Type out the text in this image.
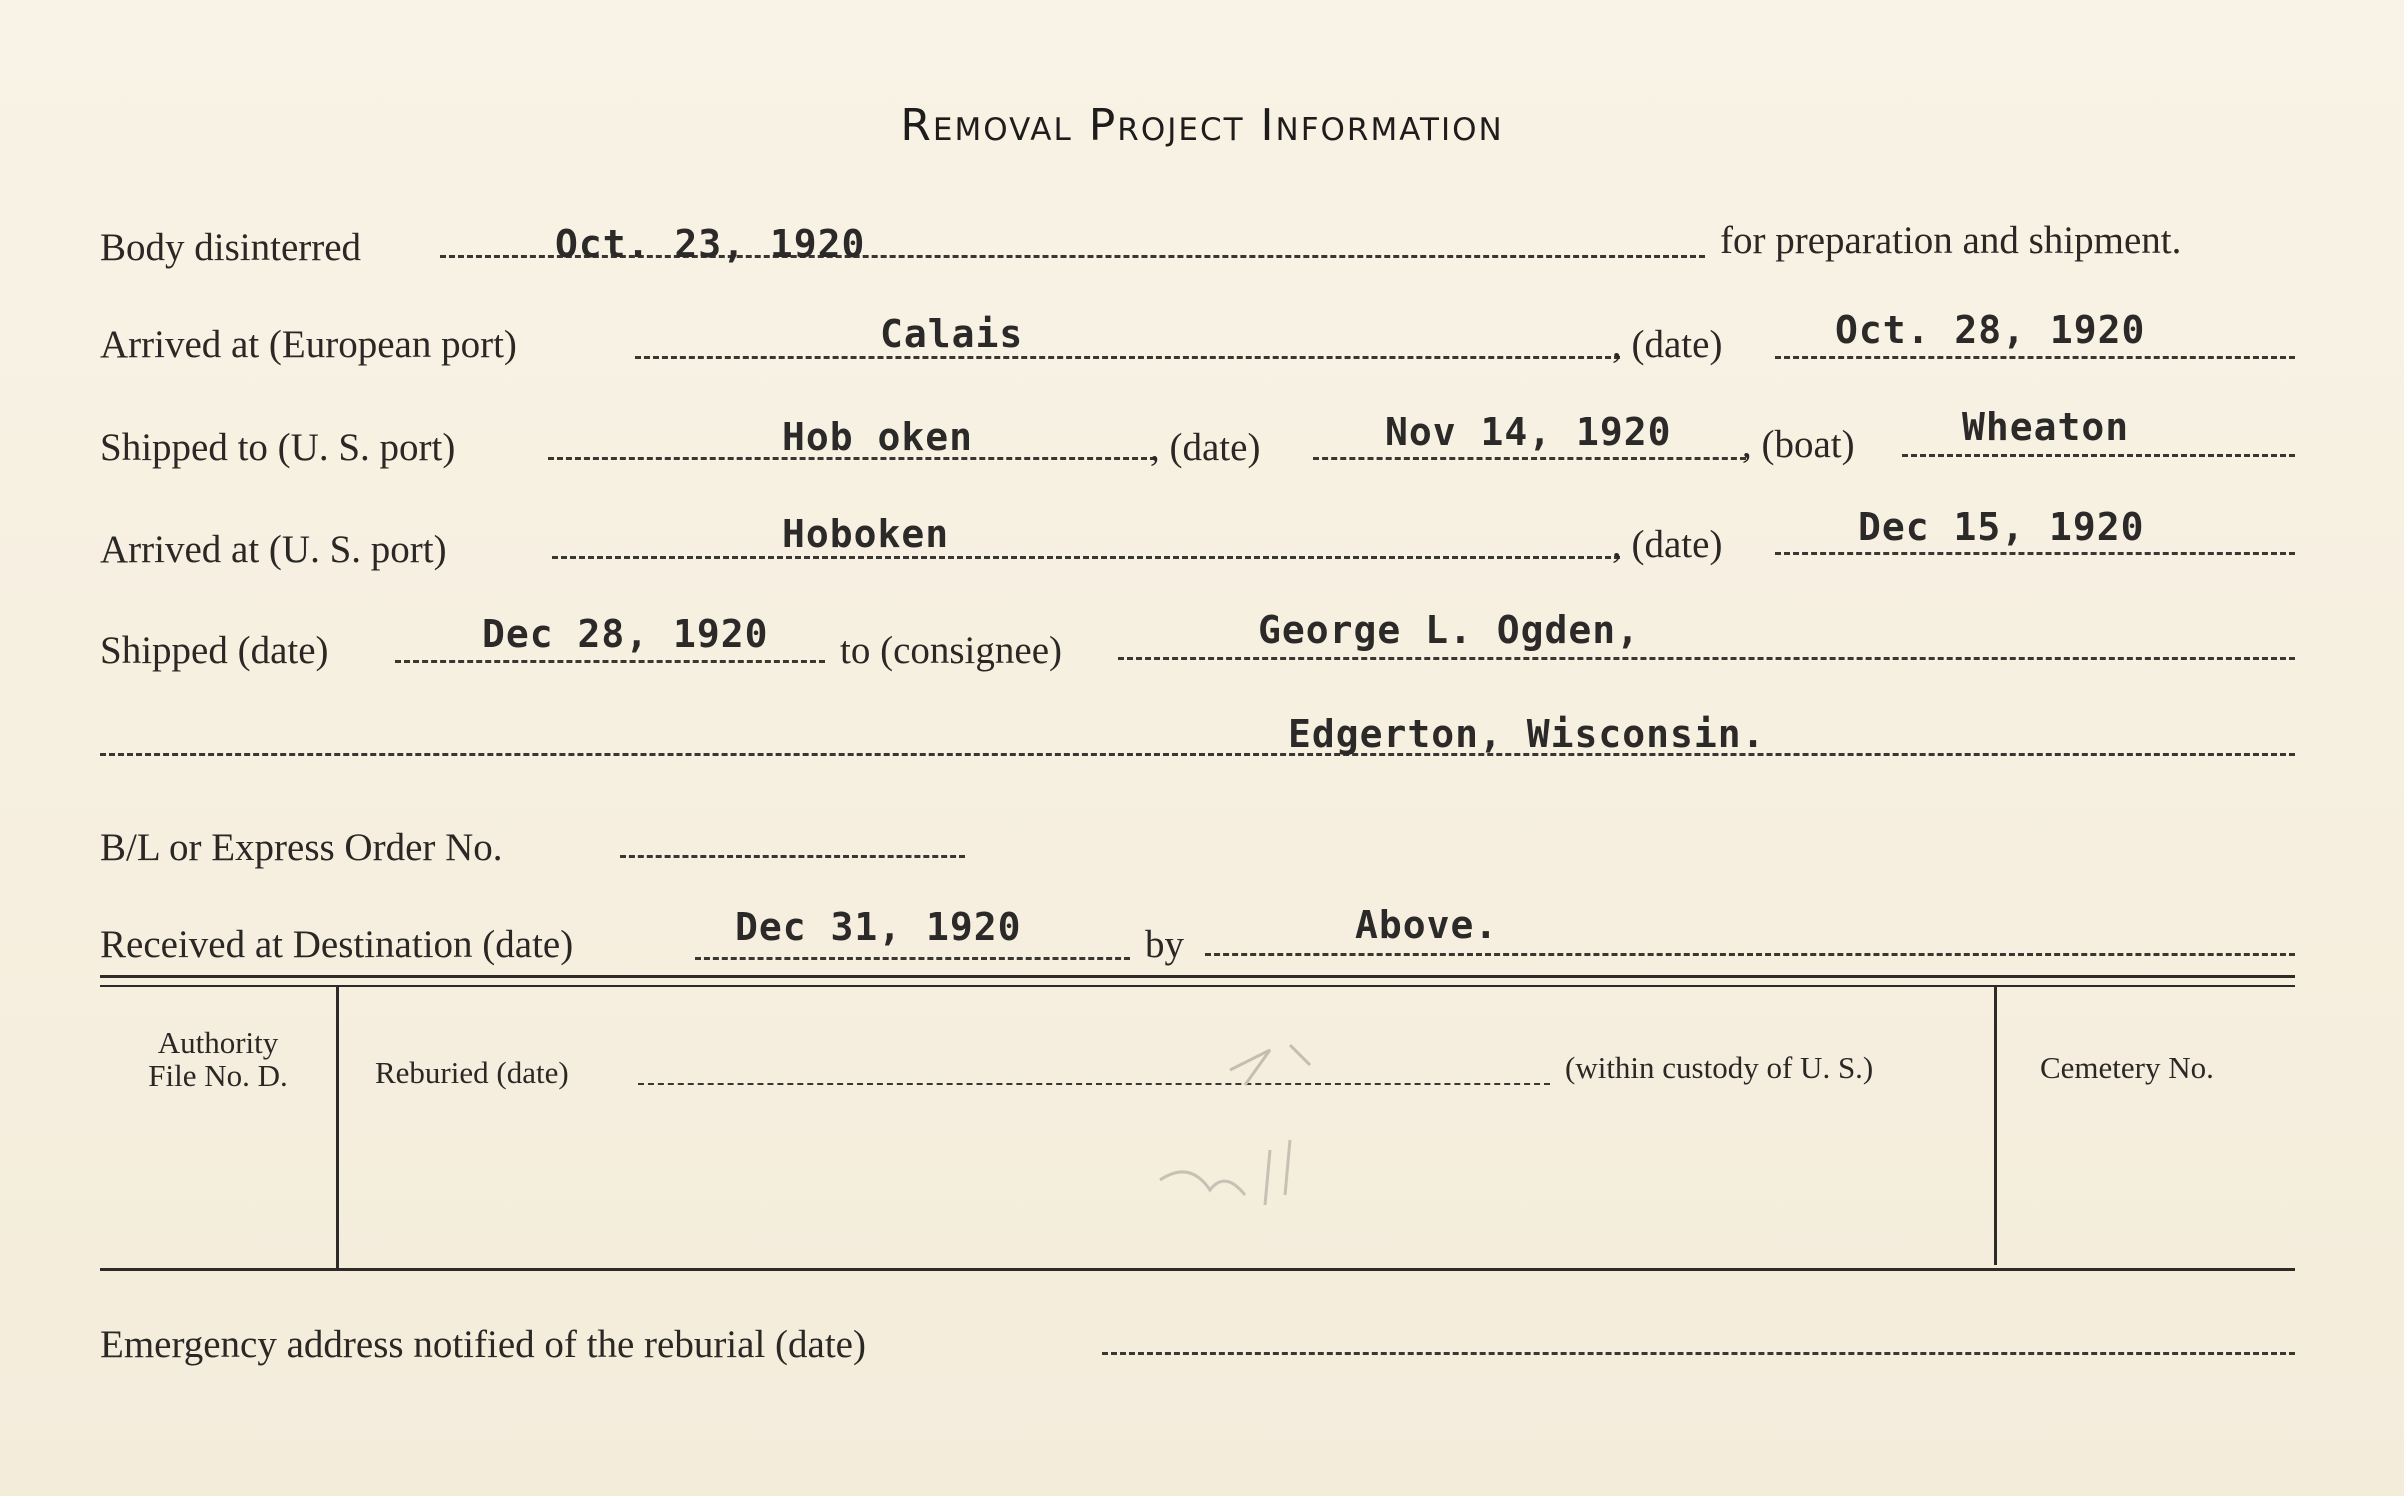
Removal Project Information
Body disinterred	Oct. 23, 1920	for preparation and shipment.
Arrived at (European port)	Calais	, (date)	Oct. 28, 1920
Shipped to (U. S. port)	Hob oken	, (date)	Nov 14, 1920 , (boat)	Wheaton
Arrived at (U. S. port)	Hoboken	, (date)	Dec 15, 1920
Shipped (date)	Dec 28, 1920 to (consignee)	George L. Ogden,
Edgerton, Wisconsin.
B/L or Express Order No.
Received at Destination (date)	Dec 31, 1920	by	Above.
Authority
File No. D.	Reburied (date)	(within custody of U. S.)	Cemetery No.
Emergency address notified of the reburial (date)
